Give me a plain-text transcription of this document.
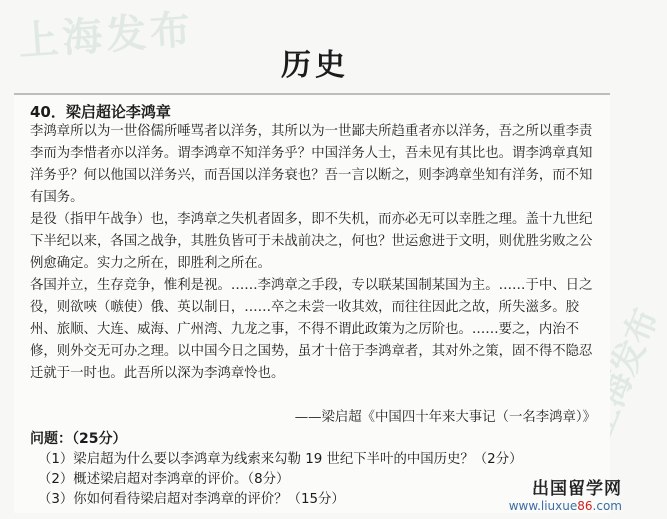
上海发布
上海发布
历史
40．梁启超论李鸿章
李鸿章所以为一世俗儒所唾骂者以洋务，其所以为一世鄙夫所趋重者亦以洋务，吾之所以重李责李而为李惜者亦以洋务。谓李鸿章不知洋务乎？中国洋务人士，吾未见有其比也。谓李鸿章真知洋务乎？何以他国以洋务兴，而吾国以洋务衰也？吾一言以断之，则李鸿章坐知有洋务，而不知有国务。
是役（指甲午战争）也，李鸿章之失机者固多，即不失机，而亦必无可以幸胜之理。盖十九世纪下半纪以来，各国之战争，其胜负皆可于未战前决之，何也？世运愈进于文明，则优胜劣败之公例愈确定。实力之所在，即胜利之所在。
各国并立，生存竞争，惟利是视。……李鸿章之手段，专以联某国制某国为主。……于中、日之役，则欲唊（嗾使）俄、英以制日，……卒之未尝一收其效，而往往因此之故，所失滋多。胶州、旅顺、大连、威海、广州湾、九龙之事，不得不谓此政策为之厉阶也。……要之，内治不修，则外交无可办之理。以中国今日之国势，虽才十倍于李鸿章者，其对外之策，固不得不隐忍迁就于一时也。此吾所以深为李鸿章怜也。
——梁启超《中国四十年来大事记（一名李鸿章）》
问题：（25分）
（1）梁启超为什么要以李鸿章为线索来勾勒 19 世纪下半叶的中国历史？（2分）
（2）概述梁启超对李鸿章的评价。（8分）
（3）你如何看待梁启超对李鸿章的评价？（15分）
出国留学网
www.liuxue86.com
